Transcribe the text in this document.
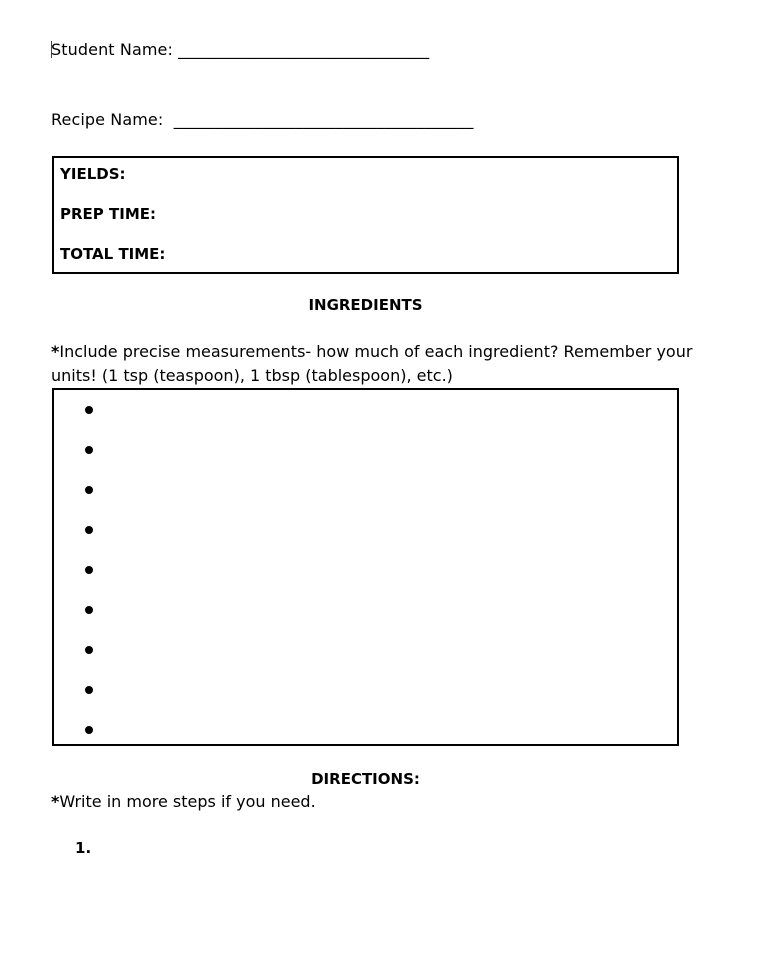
Student Name: _______________________________
Recipe Name: _____________________________________
YIELDS:
PREP TIME:
TOTAL TIME:
INGREDIENTS
*Include precise measurements- how much of each ingredient? Remember your units! (1 tsp (teaspoon), 1 tbsp (tablespoon), etc.)
DIRECTIONS:
*Write in more steps if you need.
1.
